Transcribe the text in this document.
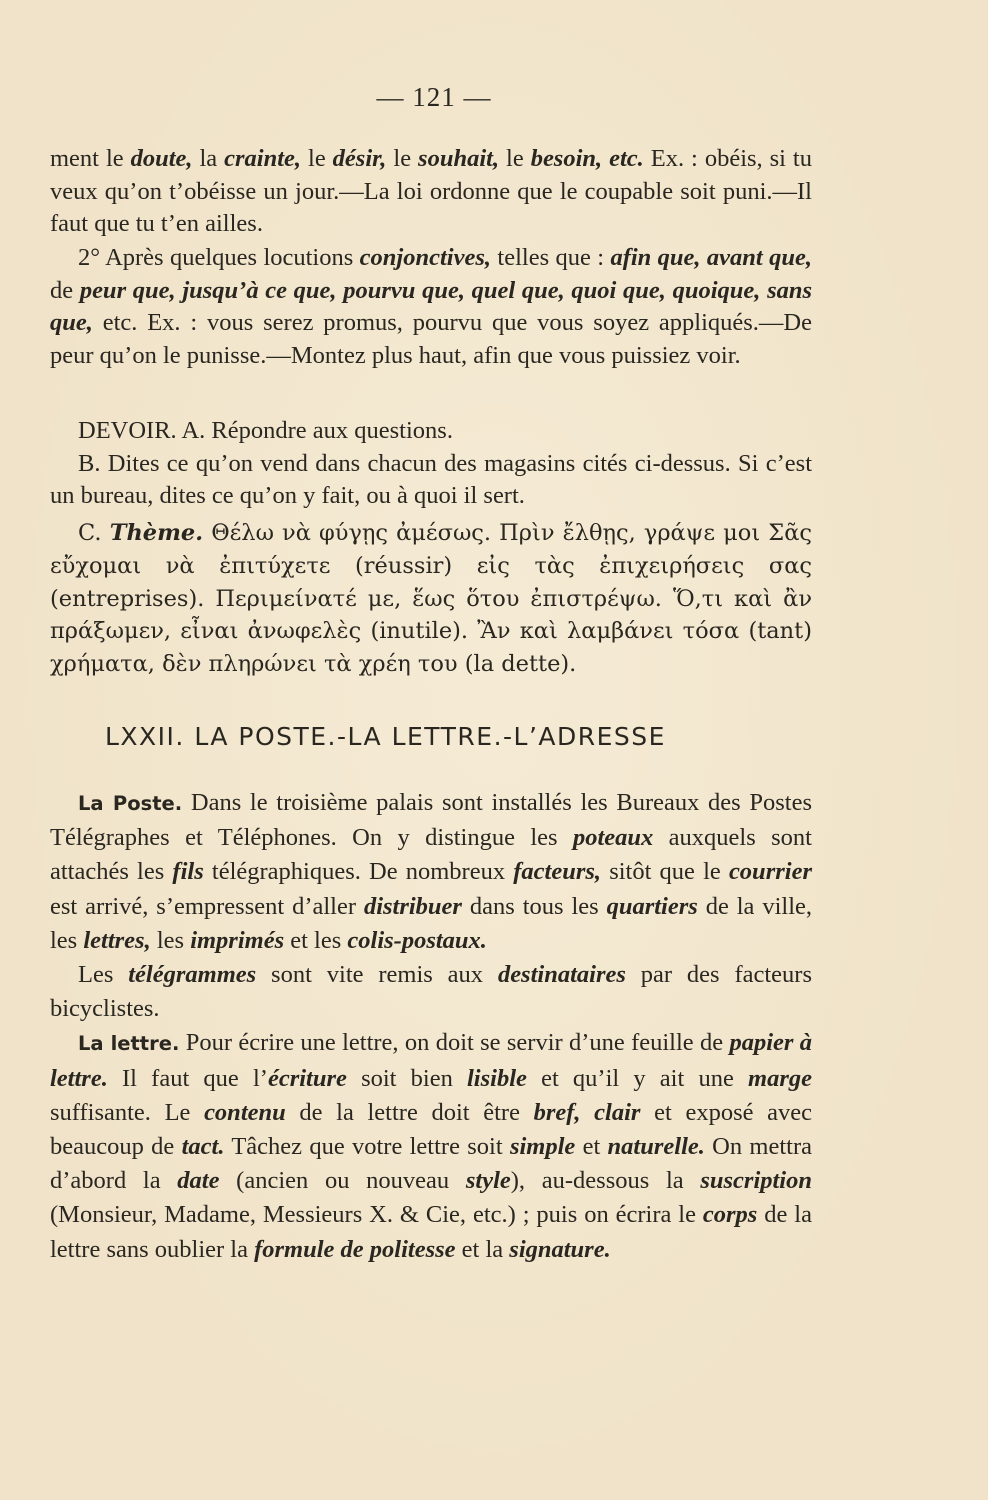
— 121 —

ment le doute, la crainte, le désir, le souhait, le besoin, etc. Ex. : obéis, si tu veux qu’on t’obéisse un jour.—La loi ordonne que le coupable soit puni.—Il faut que tu t’en ailles.

2° Après quelques locutions conjonctives, telles que : afin que, avant que, de peur que, jusqu’à ce que, pourvu que, quel que, quoi que, quoique, sans que, etc. Ex. : vous serez promus, pourvu que vous soyez appliqués.—De peur qu’on le punisse.—Montez plus haut, afin que vous puissiez voir.

DEVOIR. A. Répondre aux questions.

B. Dites ce qu’on vend dans chacun des magasins cités ci-dessus. Si c’est un bureau, dites ce qu’on y fait, ou à quoi il sert.

C. Thème. Θέλω νὰ φύγῃς ἀμέσως. Πρὶν ἔλθῃς, γράψε μοι Σᾶς εὔχομαι νὰ ἐπιτύχετε (réussir) εἰς τὰς ἐπιχειρήσεις σας (entreprises). Περιμείνατέ με, ἕως ὅτου ἐπιστρέψω. Ὅ,τι καὶ ἂν πράξωμεν, εἶναι ἀνωφελὲς (inutile). Ἂν καὶ λαμβάνει τόσα (tant) χρήματα, δὲν πληρώνει τὰ χρέη του (la dette).

LXXII. LA POSTE.-LA LETTRE.-L’ADRESSE

La Poste. Dans le troisième palais sont installés les Bureaux des Postes Télégraphes et Téléphones. On y distingue les poteaux auxquels sont attachés les fils télégraphiques. De nombreux facteurs, sitôt que le courrier est arrivé, s’empressent d’aller distribuer dans tous les quartiers de la ville, les lettres, les imprimés et les colis-postaux.

Les télégrammes sont vite remis aux destinataires par des facteurs bicyclistes.

La lettre. Pour écrire une lettre, on doit se servir d’une feuille de papier à lettre. Il faut que l’écriture soit bien lisible et qu’il y ait une marge suffisante. Le contenu de la lettre doit être bref, clair et exposé avec beaucoup de tact. Tâchez que votre lettre soit simple et naturelle. On mettra d’abord la date (ancien ou nouveau style), au-dessous la suscription (Monsieur, Madame, Messieurs X. & Cie, etc.) ; puis on écrira le corps de la lettre sans oublier la formule de politesse et la signature.
